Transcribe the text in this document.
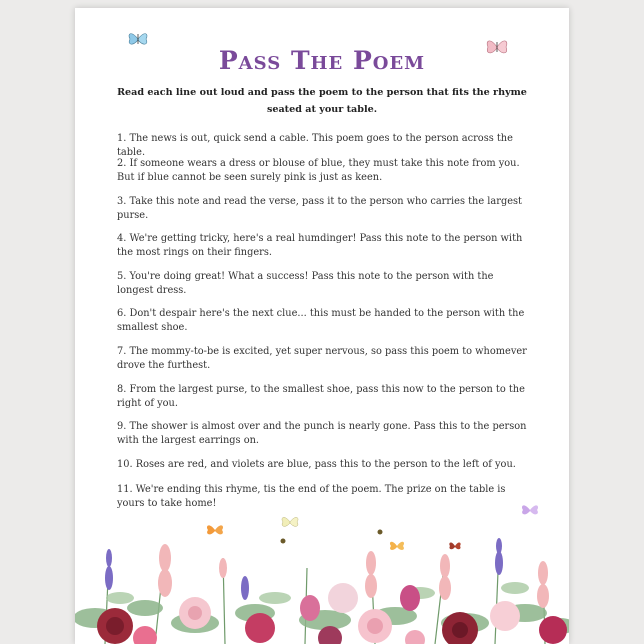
Pass The Poem

Read each line out loud and pass the poem to the person that fits the rhyme seated at your table.

1. The news is out, quick send a cable. This poem goes to the person across the table.
2. If someone wears a dress or blouse of blue, they must take this note from you. But if blue cannot be seen surely pink is just as keen.
3. Take this note and read the verse, pass it to the person who carries the largest purse.
4. We're getting tricky, here's a real humdinger! Pass this note to the person with the most rings on their fingers.
5. You're doing great! What a success! Pass this note to the person with the longest dress.
6. Don't despair here's the next clue... this must be handed to the person with the smallest shoe.
7. The mommy-to-be is excited, yet super nervous, so pass this poem to whomever drove the furthest.
8. From the largest purse, to the smallest shoe, pass this now to the person to the right of you.
9. The shower is almost over and the punch is nearly gone. Pass this to the person with the largest earrings on.
10. Roses are red, and violets are blue, pass this to the person to the left of you.
11. We're ending this rhyme, tis the end of the poem. The prize on the table is yours to take home!
